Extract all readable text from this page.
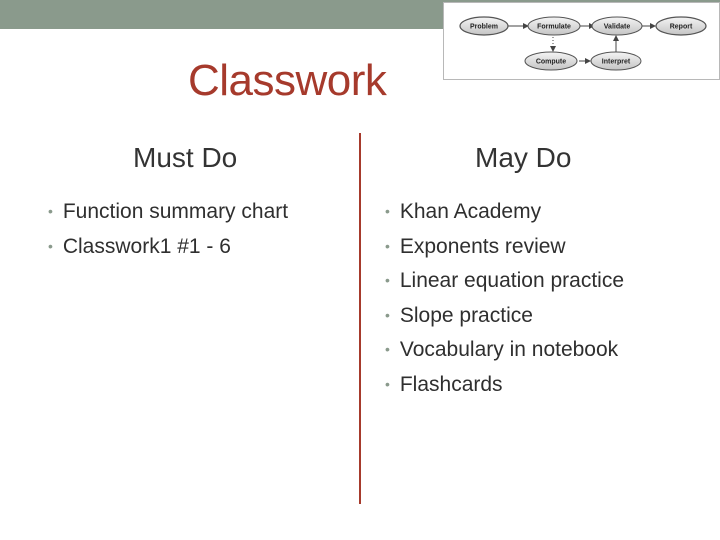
Problem	Formulate	Validate	Report
Compute	Interpret
Classwork
Must Do	May Do
• Function summary chart
• Classwork1 #1 - 6
• Khan Academy
• Exponents review
• Linear equation practice
• Slope practice
• Vocabulary in notebook
• Flashcards
